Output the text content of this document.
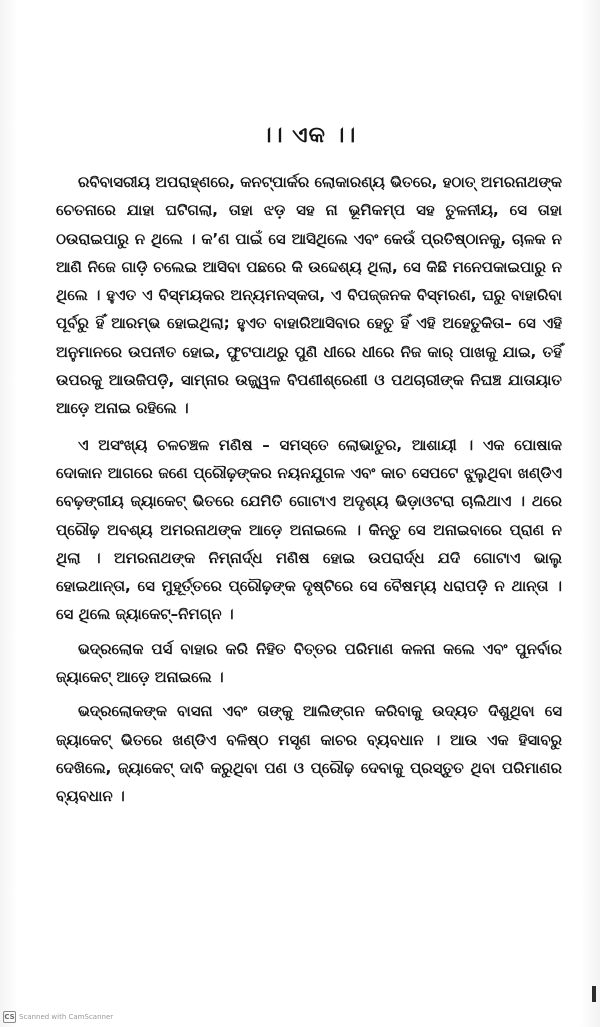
।। ଏକ ।।

ରବିବାସରୀୟ ଅପରାହ୍ଣରେ, କନଟ୍‌ପାର୍କର ଲୋକାରଣ୍ୟ ଭିତରେ, ହଠାତ୍ ଅମରନାଥଙ୍କ ଚେତନାରେ ଯାହା ଘଟିଗଲା, ତାହା ଝଡ଼ ସହ ନା ଭୂମିକମ୍ପ ସହ ତୁଳନୀୟ, ସେ ତାହା ଠଉରାଇପାରୁ ନ ଥିଲେ । କ’ଣ ପାଇଁ ସେ ଆସିଥିଲେ ଏବଂ କେଉଁ ପ୍ରତିଷ୍ଠାନକୁ, ଚାଳକ ନ ଆଣି ନିଜେ ଗାଡ଼ି ଚଲେଇ ଆସିବା ପଛରେ କି ଉଦ୍ଦେଶ୍ୟ ଥିଲା, ସେ କିଛି ମନେପକାଇପାରୁ ନ ଥିଲେ । ହୁଏତ ଏ ବିସ୍ମୟକର ଅନ୍ୟମନସ୍କତା, ଏ ବିପଜ୍ଜନକ ବିସ୍ମରଣ, ଘରୁ ବାହାରିବା ପୂର୍ବରୁ ହିଁ ଆରମ୍ଭ ହୋଇଥିଲା; ହୁଏତ ବାହାରିଆସିବାର ହେତୁ ହିଁ ଏହି ଅହେତୁକିତା– ସେ ଏହି ଅନୁମାନରେ ଉପନୀତ ହୋଇ, ଫୁଟପାଥରୁ ପୁଣି ଧୀରେ ଧୀରେ ନିଜ କାର୍ ପାଖକୁ ଯାଇ, ତହିଁ ଉପରକୁ ଆଉଜିପଡ଼ି, ସାମ୍ନାର ଉଜ୍ଜ୍ୱଳ ବିପଣୀଶ୍ରେଣୀ ଓ ପଥଚାରୀଙ୍କ ନିଘଞ୍ଚ ଯାତାୟାତ ଆଡ଼େ ଅନାଇ ରହିଲେ ।

ଏ ଅସଂଖ୍ୟ ଚଳଚଞ୍ଚଳ ମଣିଷ – ସମସ୍ତେ ଲୋଭାତୁର, ଆଶାୟୀ । ଏକ ପୋଷାକ ଦୋକାନ ଆଗରେ ଜଣେ ପ୍ରୌଢ଼ଙ୍କର ନୟନଯୁଗଳ ଏବଂ କାଚ ସେପଟେ ଝୁଲୁଥିବା ଖଣ୍ଡିଏ ବେଢ଼ଙ୍ଗୀୟ ଜ୍ୟାକେଟ୍ ଭିତରେ ଯେମିତି ଗୋଟାଏ ଅଦୃଶ୍ୟ ଭିଡ଼ାଓଟରା ଚାଲିଥାଏ । ଥରେ ପ୍ରୌଢ଼ ଅବଶ୍ୟ ଅମରନାଥଙ୍କ ଆଡ଼େ ଅନାଇଲେ । କିନ୍ତୁ ସେ ଅନାଇବାରେ ପ୍ରାଣ ନ ଥିଲା । ଅମରନାଥଙ୍କ ନିମ୍ନାର୍ଦ୍ଧ ମଣିଷ ହୋଇ ଉପରାର୍ଦ୍ଧ ଯଦି ଗୋଟାଏ ଭାଲୁ ହୋଇଥାନ୍ତା, ସେ ମୁହୂର୍ତ୍ତରେ ପ୍ରୌଢ଼ଙ୍କ ଦୃଷ୍ଟିରେ ସେ ବୈଷମ୍ୟ ଧରାପଡ଼ି ନ ଥାନ୍ତା । ସେ ଥିଲେ ଜ୍ୟାକେଟ୍–ନିମଗ୍ନ ।

ଭଦ୍ରଲୋକ ପର୍ସ ବାହାର କରି ନିହିତ ବିତ୍ତର ପରିମାଣ କଳନା କଲେ ଏବଂ ପୁନର୍ବାର ଜ୍ୟାକେଟ୍ ଆଡ଼େ ଅନାଇଲେ ।

ଭଦ୍ରଲୋକଙ୍କ ବାସନା ଏବଂ ତାଙ୍କୁ ଆଲିଙ୍ଗନ କରିବାକୁ ଉଦ୍ୟତ ଦିଶୁଥିବା ସେ ଜ୍ୟାକେଟ୍ ଭିତରେ ଖଣ୍ଡିଏ ବଳିଷ୍ଠ ମସୃଣ କାଚର ବ୍ୟବଧାନ । ଆଉ ଏକ ହିସାବରୁ ଦେଖିଲେ, ଜ୍ୟାକେଟ୍ ଦାବି କରୁଥିବା ପଣ ଓ ପ୍ରୌଢ଼ ଦେବାକୁ ପ୍ରସ୍ତୁତ ଥିବା ପରିମାଣର ବ୍ୟବଧାନ ।

CS Scanned with CamScanner
